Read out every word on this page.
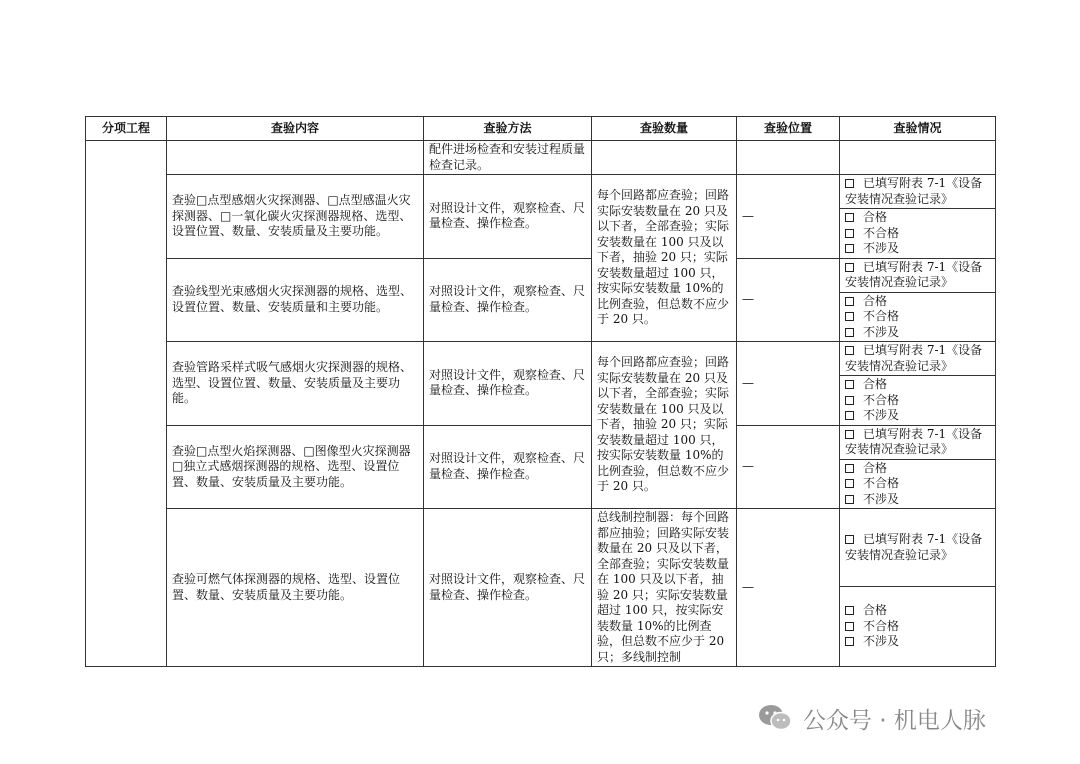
分项工程	查验内容	查验方法	查验数量	查验位置	查验情况
		配件进场检查和安装过程质量检查记录。			
	查验□点型感烟火灾探测器、□点型感温火灾探测器、□一氧化碳火灾探测器规格、选型、设置位置、数量、安装质量及主要功能。	对照设计文件，观察检查、尺量检查、操作检查。	每个回路都应查验；回路实际安装数量在 20 只及以下者，全部查验；实际安装数量在 100 只及以下者，抽验 20 只；实际安装数量超过 100 只，按实际安装数量 10%的比例查验，但总数不应少于 20 只。	—	已填写附表 7-1《设备安装情况查验记录》

					合格
不合格
不涉及

	查验线型光束感烟火灾探测器的规格、选型、设置位置、数量、安装质量和主要功能。	对照设计文件，观察检查、尺量检查、操作检查。		—	已填写附表 7-1《设备安装情况查验记录》

					合格
不合格
不涉及

	查验管路采样式吸气感烟火灾探测器的规格、选型、设置位置、数量、安装质量及主要功能。	对照设计文件，观察检查、尺量检查、操作检查。	每个回路都应查验；回路实际安装数量在 20 只及以下者，全部查验；实际安装数量在 100 只及以下者，抽验 20 只；实际安装数量超过 100 只，按实际安装数量 10%的比例查验，但总数不应少于 20 只。	—	已填写附表 7-1《设备安装情况查验记录》

					合格
不合格
不涉及

	查验□点型火焰探测器、□图像型火灾探测器□独立式感烟探测器的规格、选型、设置位置、数量、安装质量及主要功能。	对照设计文件，观察检查、尺量检查、操作检查。		—	已填写附表 7-1《设备安装情况查验记录》

					合格
不合格
不涉及

	查验可燃气体探测器的规格、选型、设置位置、数量、安装质量及主要功能。	对照设计文件，观察检查、尺量检查、操作检查。	总线制控制器：每个回路都应抽验；回路实际安装数量在 20 只及以下者，全部查验；实际安装数量在 100 只及以下者，抽验 20 只；实际安装数量超过 100 只，按实际安装数量 10%的比例查验，但总数不应少于 20 只；多线制控制	—	已填写附表 7-1《设备安装情况查验记录》

					合格
不合格
不涉及
公众号 · 机电人脉
